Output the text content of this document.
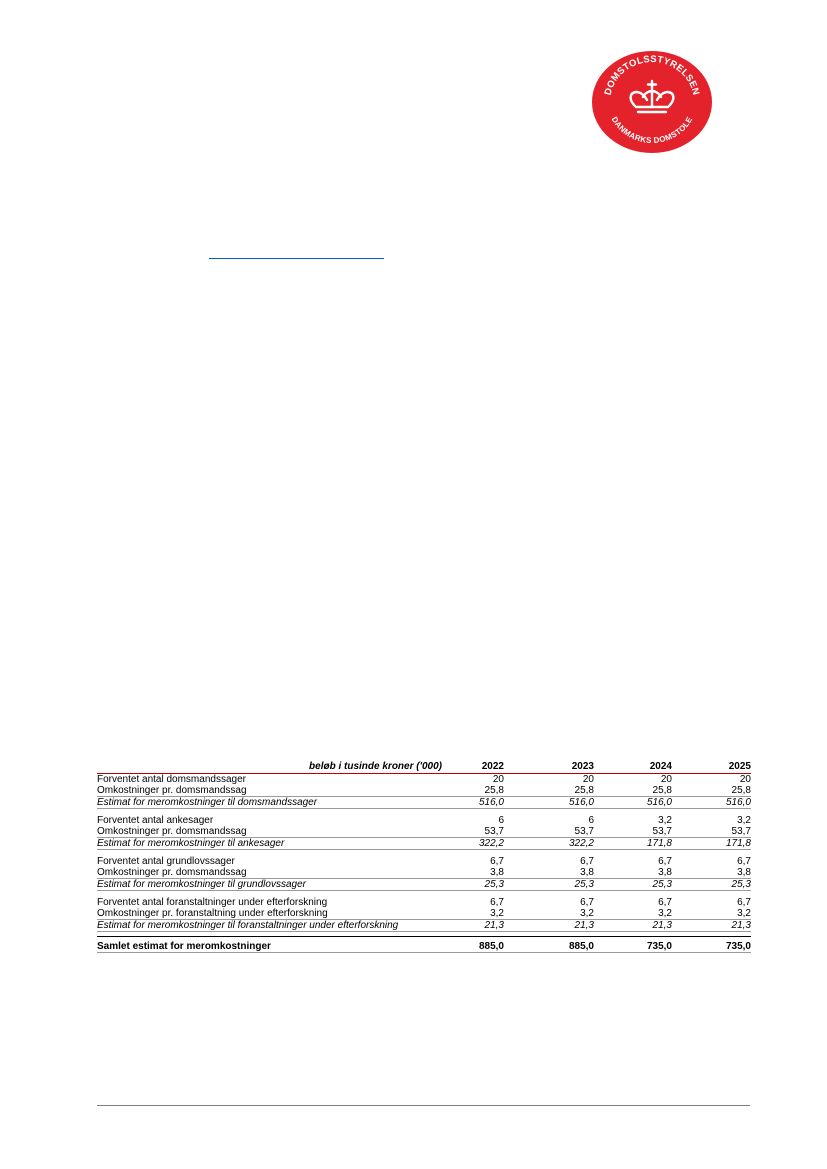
DOMSTOLSSTYRELSEN
DANMARKS DOMSTOLE
beløb i tusinde kroner ('000)	2022	2023	2024	2025
Forventet antal domsmandssager	20	20	20	20
Omkostninger pr. domsmandssag	25,8	25,8	25,8	25,8
Estimat for meromkostninger til domsmandssager	516,0	516,0	516,0	516,0

Forventet antal ankesager	6	6	3,2	3,2
Omkostninger pr. domsmandssag	53,7	53,7	53,7	53,7
Estimat for meromkostninger til ankesager	322,2	322,2	171,8	171,8

Forventet antal grundlovssager	6,7	6,7	6,7	6,7
Omkostninger pr. domsmandssag	3,8	3,8	3,8	3,8
Estimat for meromkostninger til grundlovssager	25,3	25,3	25,3	25,3

Forventet antal foranstaltninger under efterforskning	6,7	6,7	6,7	6,7
Omkostninger pr. foranstaltning under efterforskning	3,2	3,2	3,2	3,2
Estimat for meromkostninger til foranstaltninger under efterforskning	21,3	21,3	21,3	21,3

Samlet estimat for meromkostninger	885,0	885,0	735,0	735,0
